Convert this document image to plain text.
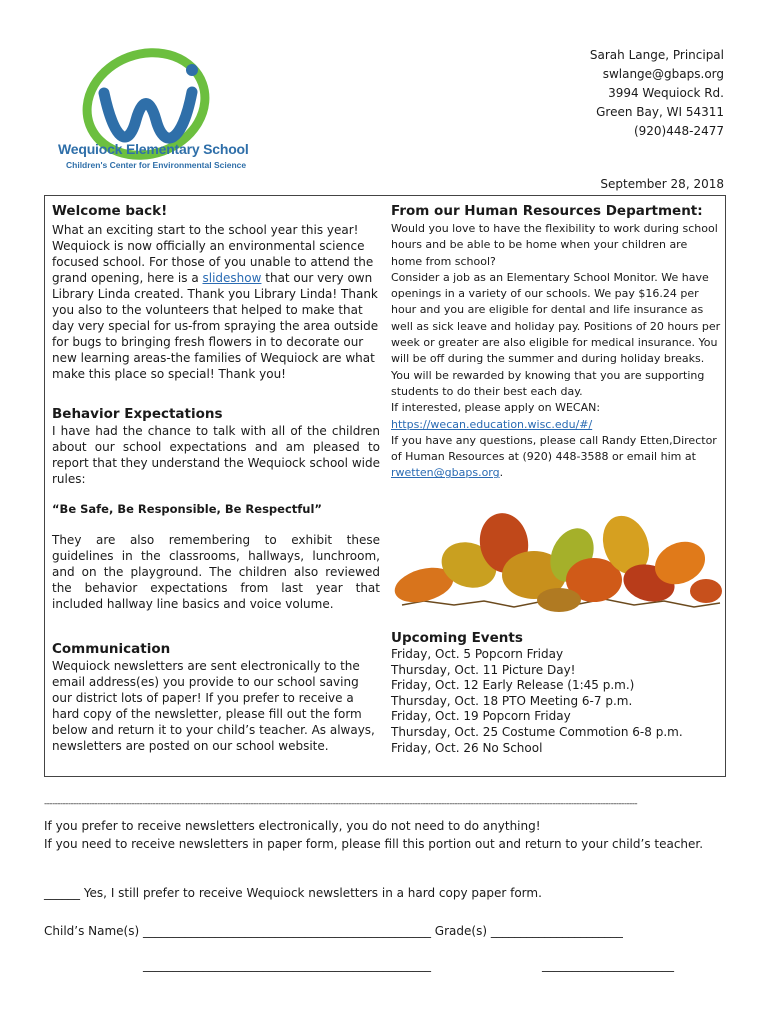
Wequiock Elementary School
Children's Center for Environmental Science
Sarah Lange, Principal
swlange@gbaps.org
3994 Wequiock Rd.
Green Bay, WI 54311
(920)448-2477
September 28, 2018
Welcome back!

What an exciting start to the school year this year! Wequiock is now officially an environmental science focused school. For those of you unable to attend the grand opening, here is a slideshow that our very own Library Linda created. Thank you Library Linda! Thank you also to the volunteers that helped to make that day very special for us-from spraying the area outside for bugs to bringing fresh flowers in to decorate our new learning areas-the families of Wequiock are what make this place so special! Thank you!

Behavior Expectations

I have had the chance to talk with all of the children about our school expectations and am pleased to report that they understand the Wequiock school wide rules:

“Be Safe, Be Responsible, Be Respectful”

They are also remembering to exhibit these guidelines in the classrooms, hallways, lunchroom, and on the playground. The children also reviewed the behavior expectations from last year that included hallway line basics and voice volume.

Communication

Wequiock newsletters are sent electronically to the email address(es) you provide to our school saving our district lots of paper! If you prefer to receive a hard copy of the newsletter, please fill out the form below and return it to your child’s teacher. As always, newsletters are posted on our school website.

From our Human Resources Department:

Would you love to have the flexibility to work during school hours and be able to be home when your children are home from school?

Consider a job as an Elementary School Monitor. We have openings in a variety of our schools. We pay $16.24 per hour and you are eligible for dental and life insurance as well as sick leave and holiday pay. Positions of 20 hours per week or greater are also eligible for medical insurance. You will be off during the summer and during holiday breaks. You will be rewarded by knowing that you are supporting students to do their best each day.

If interested, please apply on WECAN:

https://wecan.education.wisc.edu/#/

If you have any questions, please call Randy Etten,Director of Human Resources at (920) 448-3588 or email him at rwetten@gbaps.org.

Upcoming Events
Friday, Oct. 5 Popcorn Friday
Thursday, Oct. 11 Picture Day!
Friday, Oct. 12 Early Release (1:45 p.m.)
Thursday, Oct. 18 PTO Meeting 6-7 p.m.
Friday, Oct. 19 Popcorn Friday
Thursday, Oct. 25 Costume Commotion 6-8 p.m.
Friday, Oct. 26 No School
--------------------------------------------------------------------------------------------------------------------------------------------------------------------------------------------------------------------------------
If you prefer to receive newsletters electronically, you do not need to do anything!
If you need to receive newsletters in paper form, please fill this portion out and return to your child’s teacher.
______ Yes, I still prefer to receive Wequiock newsletters in a hard copy paper form.
Child’s Name(s) ________________________________________________ Grade(s) ______________________
________________________________________________	______________________
